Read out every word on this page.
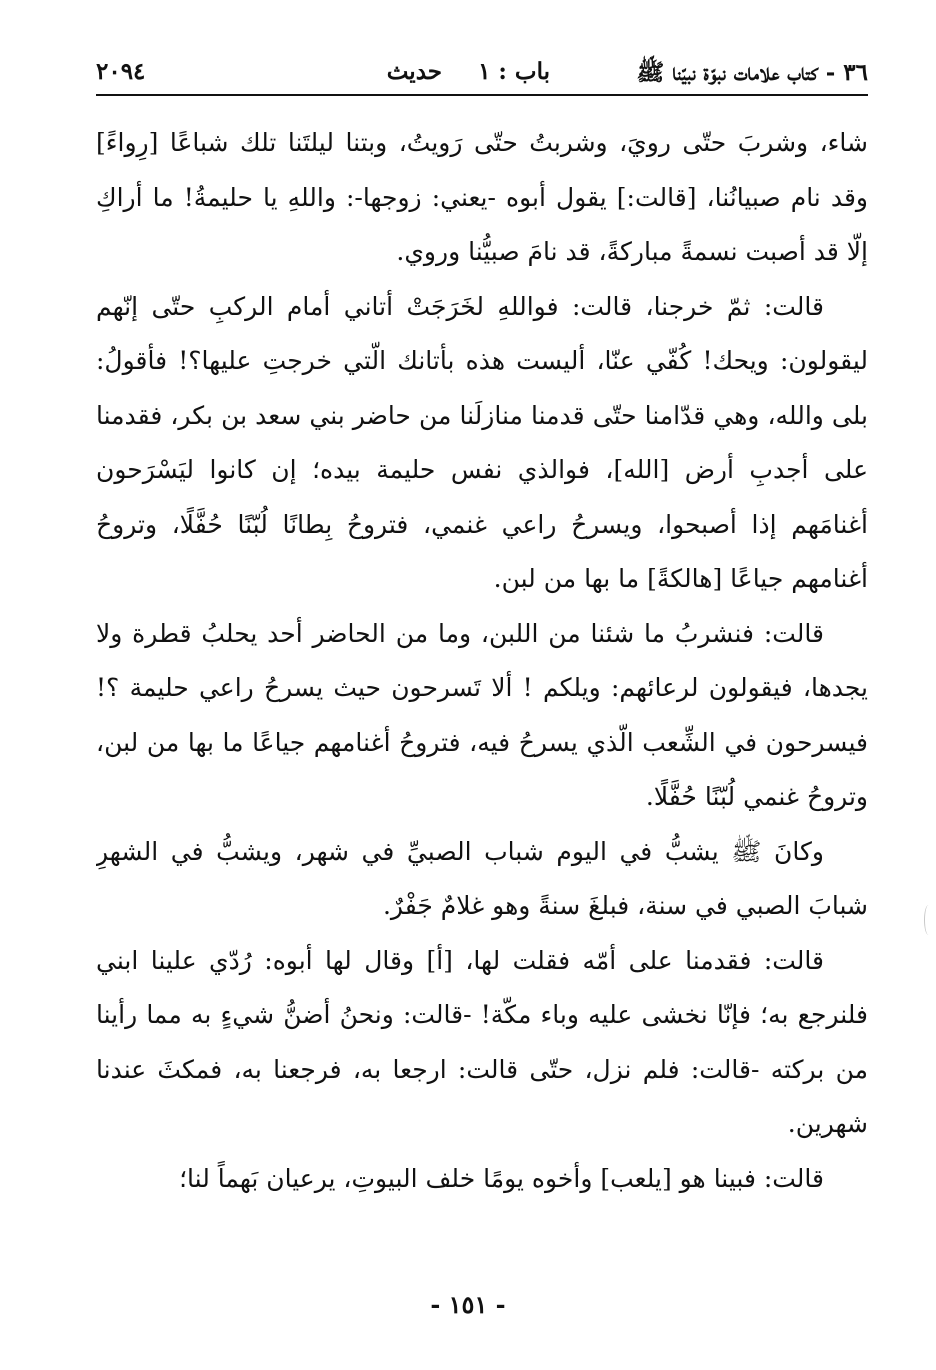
٣٦ - كتاب علامات نبوّة نبيّنا ﷺ
باب : ١
حديث
٢٠٩٤

شاء، وشربَ حتّى رويَ، وشربتُ حتّى رَويتُ، وبتنا ليلتَنا تلك شباعًا [رِواءً] وقد نام صبيانُنا، [قالت:] يقول أبوه -يعني: زوجها-: واللهِ يا حليمةُ! ما أراكِ إلّا قد أصبت نسمةً مباركةً، قد نامَ صبيُّنا وروي.

قالت: ثمّ خرجنا، قالت: فواللهِ لخَرَجَتْ أتاني أمام الركبِ حتّى إنّهم ليقولون: ويحك! كُفّي عنّا، أليست هذه بأتانك الّتي خرجتِ عليها؟! فأقولُ: بلى والله، وهي قدّامنا حتّى قدمنا منازلَنا من حاضر بني سعد بن بكر، فقدمنا على أجدبِ أرض [الله]، فوالذي نفس حليمة بيده؛ إن كانوا ليَسْرَحون أغنامَهم إذا أصبحوا، ويسرحُ راعي غنمي، فتروحُ بِطانًا لُبّنًا حُفَّلًا، وتروحُ أغنامهم جياعًا [هالكةً] ما بها من لبن.

قالت: فنشربُ ما شئنا من اللبن، وما من الحاضر أحد يحلبُ قطرة ولا يجدها، فيقولون لرعائهم: ويلكم ! ألا تَسرحون حيث يسرحُ راعي حليمة ؟! فيسرحون في الشِّعب الّذي يسرحُ فيه، فتروحُ أغنامهم جياعًا ما بها من لبن، وتروحُ غنمي لُبّنًا حُفَّلًا.

وكانَ ﷺ يشبُّ في اليوم شباب الصبيِّ في شهر، ويشبُّ في الشهرِ شبابَ الصبي في سنة، فبلغَ سنةً وهو غلامٌ جَفْرٌ.

قالت: فقدمنا على أمّه فقلت لها، [أ] وقال لها أبوه: رُدّي علينا ابني فلنرجع به؛ فإنّا نخشى عليه وباء مكّة! -قالت: ونحنُ أضنُّ شيءٍ به مما رأينا من بركته -قالت: فلم نزل، حتّى قالت: ارجعا به، فرجعنا به، فمكثَ عندنا شهرين.

قالت: فبينا هو [يلعب] وأخوه يومًا خلف البيوتِ، يرعيان بَهماً لنا؛

- ١٥١ -
